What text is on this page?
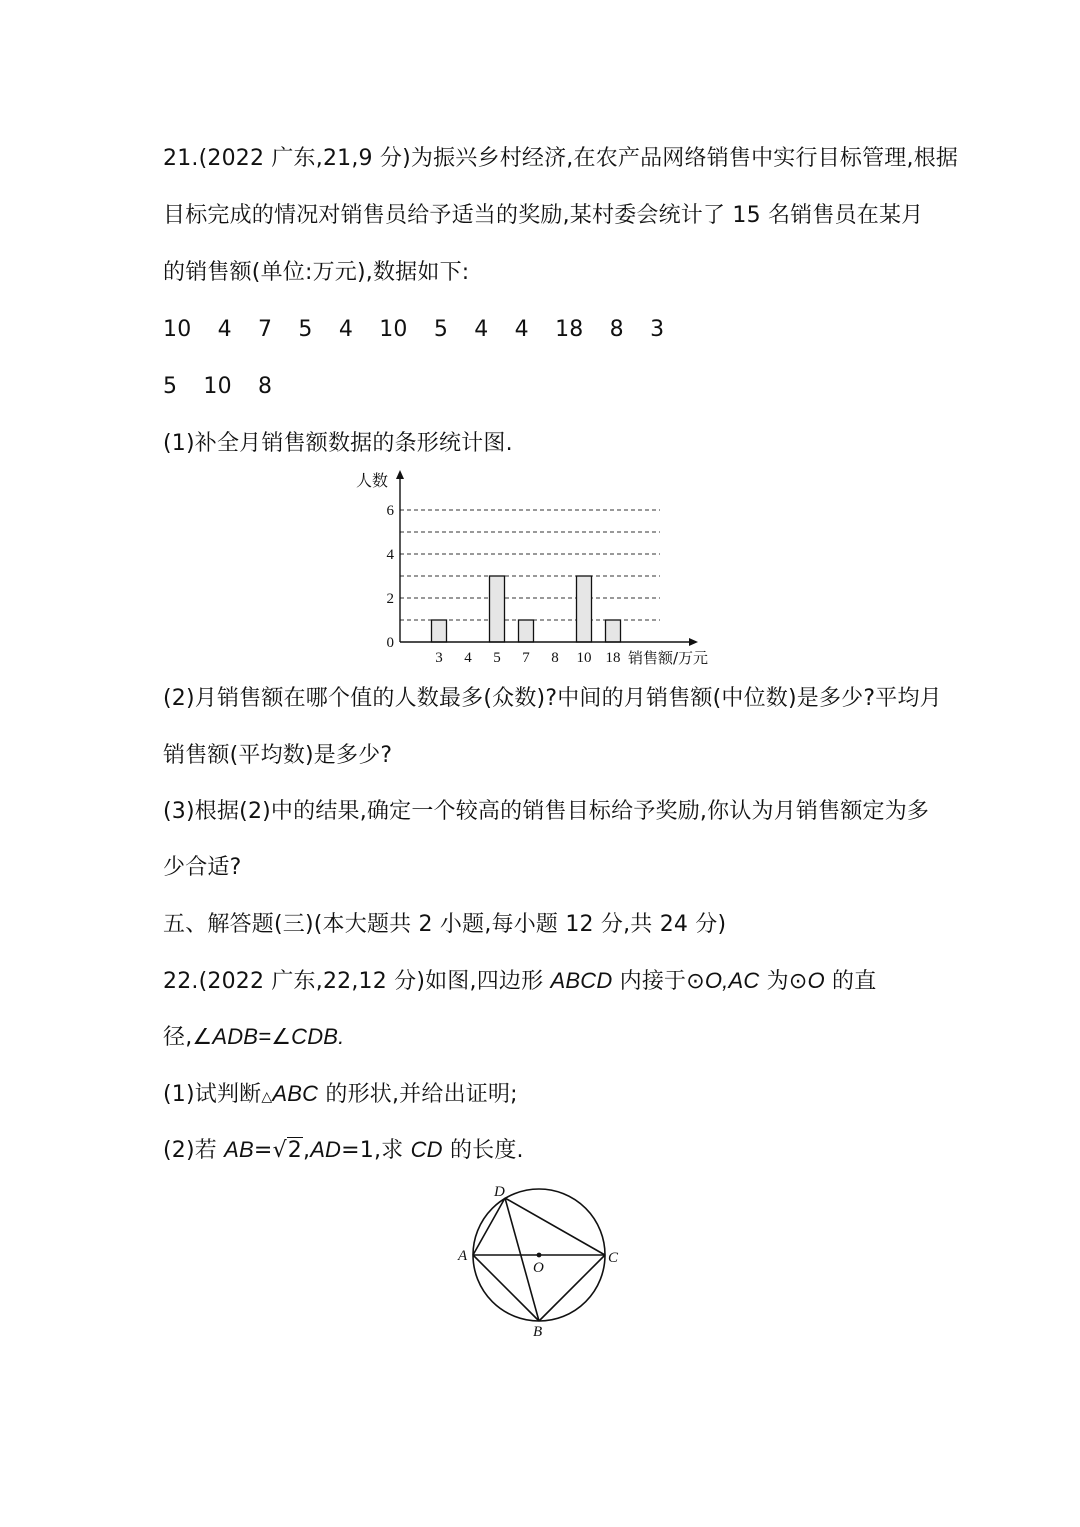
21.(2022 广东,21,9 分)为振兴乡村经济,在农产品网络销售中实行目标管理,根据
目标完成的情况对销售员给予适当的奖励,某村委会统计了 15 名销售员在某月
的销售额(单位:万元),数据如下:
10 4 7 5 4 10 5 4 4 18 8 3
5 10 8
(1)补全月销售额数据的条形统计图.
0
2
4
6
3 4 5 7 8 10 18
人数
销售额/万元
(2)月销售额在哪个值的人数最多(众数)?中间的月销售额(中位数)是多少?平均月
销售额(平均数)是多少?
(3)根据(2)中的结果,确定一个较高的销售目标给予奖励,你认为月销售额定为多
少合适?
五、解答题(三)(本大题共 2 小题,每小题 12 分,共 24 分)
22.(2022 广东,22,12 分)如图,四边形 ABCD 内接于⊙O,AC 为⊙O 的直
径,∠ADB=∠CDB.
(1)试判断△ABC 的形状,并给出证明;
(2)若 AB=√2,AD=1,求 CD 的长度.
A
B
C
D
O
